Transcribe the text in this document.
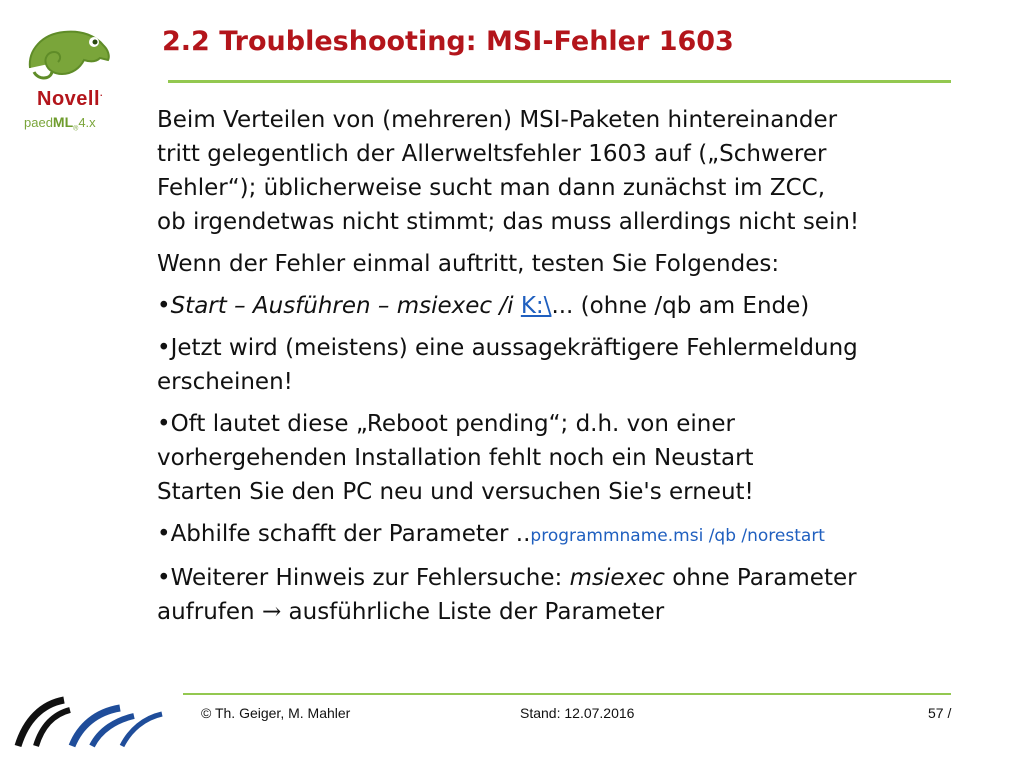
Novell.
paedML$_®$4.x
2.2 Troubleshooting: MSI-Fehler 1603

Beim Verteilen von (mehreren) MSI-Paketen hintereinander
tritt gelegentlich der Allerweltsfehler 1603 auf („Schwerer
Fehler“); üblicherweise sucht man dann zunächst im ZCC,
ob irgendetwas nicht stimmt; das muss allerdings nicht sein!

Wenn der Fehler einmal auftritt, testen Sie Folgendes:

•Start – Ausführen – msiexec /i K:\... (ohne /qb am Ende)

•Jetzt wird (meistens) eine aussagekräftigere Fehlermeldung
erscheinen!

•Oft lautet diese „Reboot pending“; d.h. von einer
vorhergehenden Installation fehlt noch ein Neustart
Starten Sie den PC neu und versuchen Sie's erneut!

•Abhilfe schafft der Parameter ..programmname.msi /qb /norestart

•Weiterer Hinweis zur Fehlersuche: msiexec ohne Parameter
aufrufen → ausführliche Liste der Parameter

© Th. Geiger, M. Mahler	Stand: 12.07.2016	57 /
